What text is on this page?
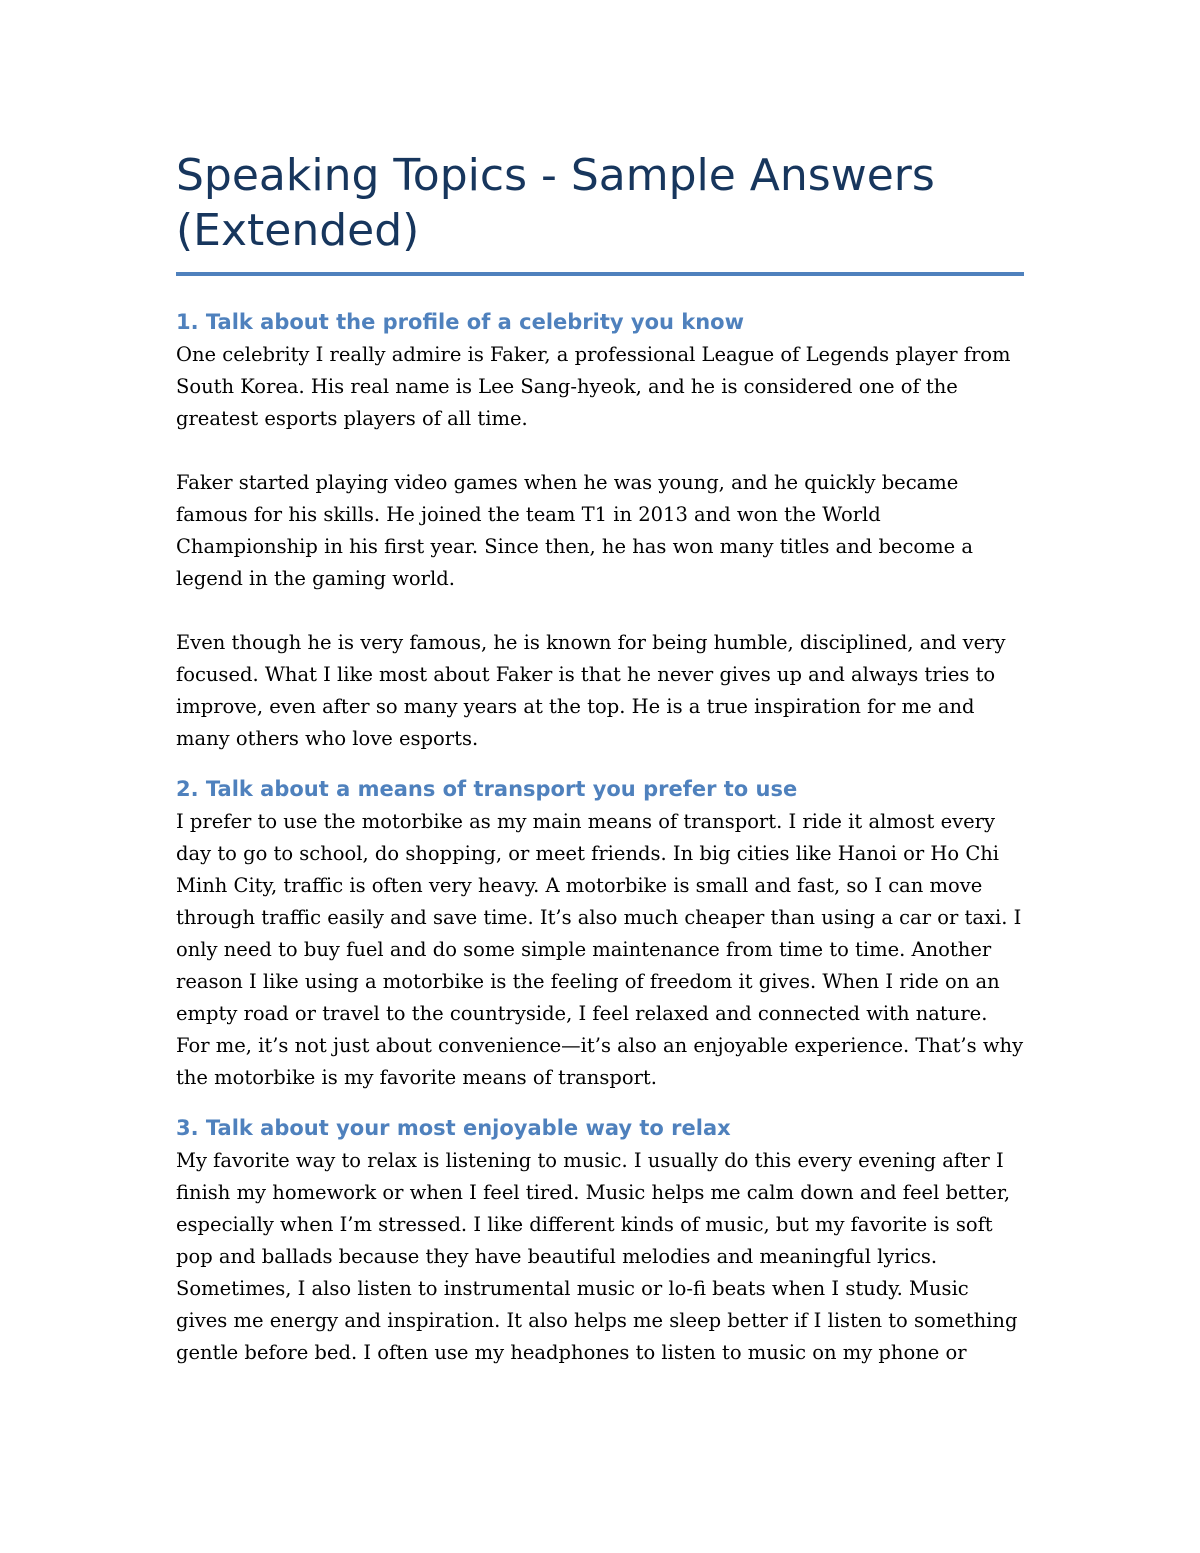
Speaking Topics - Sample Answers (Extended)
1. Talk about the profile of a celebrity you know

One celebrity I really admire is Faker, a professional League of Legends player from South Korea. His real name is Lee Sang-hyeok, and he is considered one of the greatest esports players of all time.

Faker started playing video games when he was young, and he quickly became famous for his skills. He joined the team T1 in 2013 and won the World Championship in his first year. Since then, he has won many titles and become a legend in the gaming world.

Even though he is very famous, he is known for being humble, disciplined, and very focused. What I like most about Faker is that he never gives up and always tries to improve, even after so many years at the top. He is a true inspiration for me and many others who love esports.

2. Talk about a means of transport you prefer to use

I prefer to use the motorbike as my main means of transport. I ride it almost every day to go to school, do shopping, or meet friends. In big cities like Hanoi or Ho Chi Minh City, traffic is often very heavy. A motorbike is small and fast, so I can move through traffic easily and save time. It’s also much cheaper than using a car or taxi. I only need to buy fuel and do some simple maintenance from time to time. Another reason I like using a motorbike is the feeling of freedom it gives. When I ride on an empty road or travel to the countryside, I feel relaxed and connected with nature. For me, it’s not just about convenience—it’s also an enjoyable experience. That’s why the motorbike is my favorite means of transport.

3. Talk about your most enjoyable way to relax

My favorite way to relax is listening to music. I usually do this every evening after I finish my homework or when I feel tired. Music helps me calm down and feel better, especially when I’m stressed. I like different kinds of music, but my favorite is soft pop and ballads because they have beautiful melodies and meaningful lyrics. Sometimes, I also listen to instrumental music or lo-fi beats when I study. Music gives me energy and inspiration. It also helps me sleep better if I listen to something gentle before bed. I often use my headphones to listen to music on my phone or
